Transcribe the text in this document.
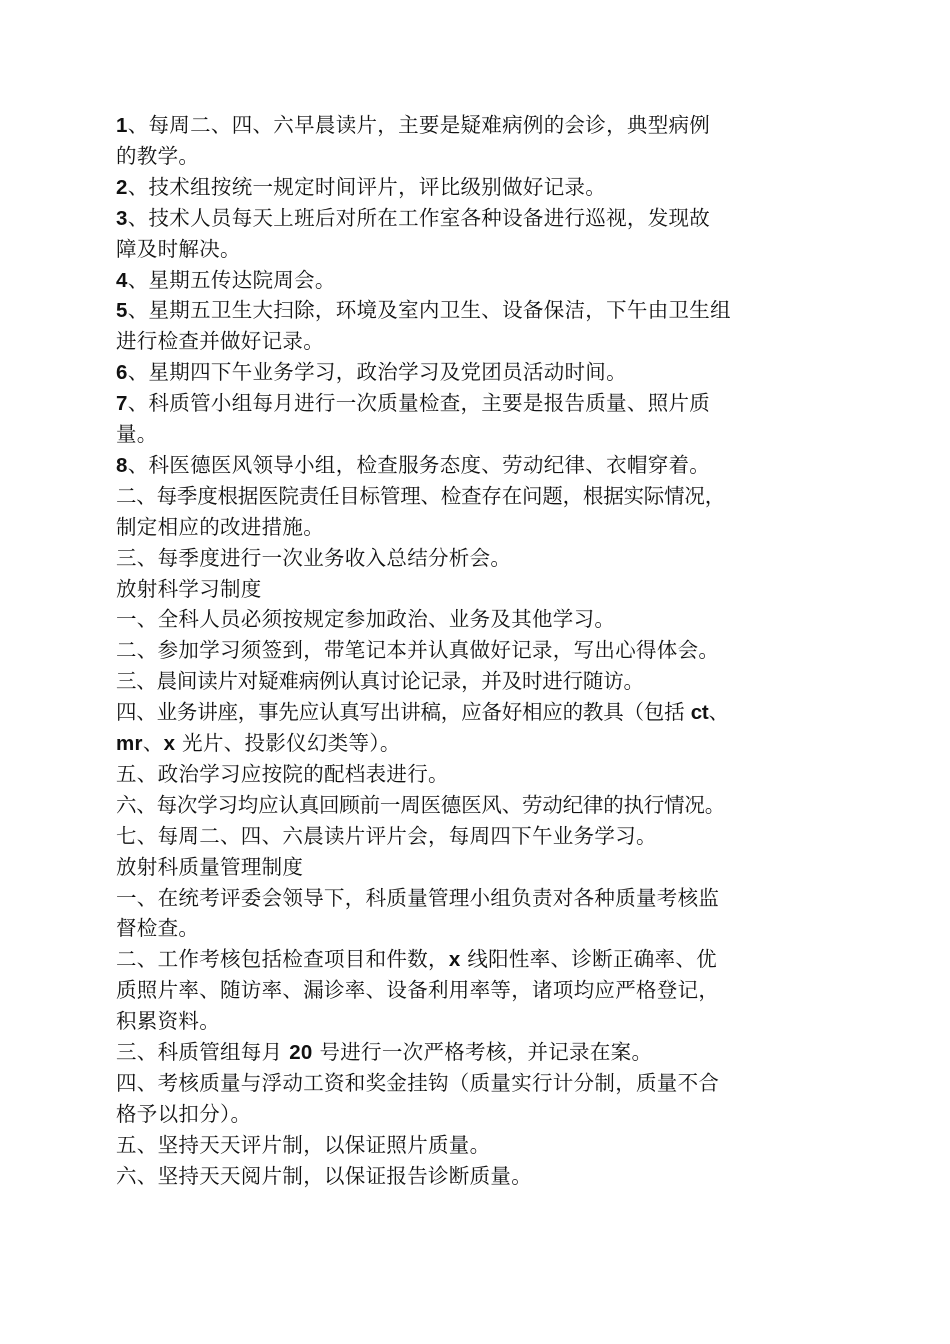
1、每周二、四、六早晨读片，主要是疑难病例的会诊，典型病例
的教学。
2、技术组按统一规定时间评片，评比级别做好记录。
3、技术人员每天上班后对所在工作室各种设备进行巡视，发现故
障及时解决。
4、星期五传达院周会。
5、星期五卫生大扫除，环境及室内卫生、设备保洁，下午由卫生组
进行检查并做好记录。
6、星期四下午业务学习，政治学习及党团员活动时间。
7、科质管小组每月进行一次质量检查，主要是报告质量、照片质
量。
8、科医德医风领导小组，检查服务态度、劳动纪律、衣帽穿着。
二、每季度根据医院责任目标管理、检查存在问题，根据实际情况，
制定相应的改进措施。
三、每季度进行一次业务收入总结分析会。
放射科学习制度
一、全科人员必须按规定参加政治、业务及其他学习。
二、参加学习须签到，带笔记本并认真做好记录，写出心得体会。
三、晨间读片对疑难病例认真讨论记录，并及时进行随访。
四、业务讲座，事先应认真写出讲稿，应备好相应的教具（包括 ct、
mr、x 光片、投影仪幻类等）。
五、政治学习应按院的配档表进行。
六、每次学习均应认真回顾前一周医德医风、劳动纪律的执行情况。
七、每周二、四、六晨读片评片会，每周四下午业务学习。
放射科质量管理制度
一、在统考评委会领导下，科质量管理小组负责对各种质量考核监
督检查。
二、工作考核包括检查项目和件数，x 线阳性率、诊断正确率、优
质照片率、随访率、漏诊率、设备利用率等，诸项均应严格登记，
积累资料。
三、科质管组每月 20 号进行一次严格考核，并记录在案。
四、考核质量与浮动工资和奖金挂钩（质量实行计分制，质量不合
格予以扣分）。
五、坚持天天评片制，以保证照片质量。
六、坚持天天阅片制，以保证报告诊断质量。
